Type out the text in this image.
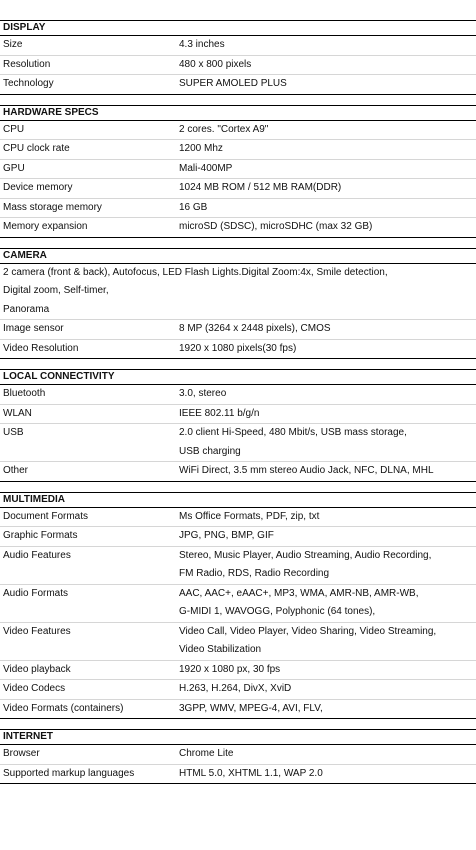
DISPLAY
Size	4.3 inches
Resolution	480 x 800 pixels
Technology	SUPER AMOLED PLUS
HARDWARE SPECS
CPU	2 cores. "Cortex A9"
CPU clock rate	1200 Mhz
GPU	Mali-400MP
Device memory	1024 MB ROM / 512 MB RAM(DDR)
Mass storage memory	16 GB
Memory expansion	microSD (SDSC), microSDHC (max 32 GB)
CAMERA
2 camera (front & back), Autofocus, LED Flash Lights.Digital Zoom:4x, Smile detection,
Digital zoom, Self-timer,
Panorama
Image sensor	8 MP (3264 x 2448 pixels), CMOS
Video Resolution	1920 x 1080 pixels(30 fps)
LOCAL CONNECTIVITY
Bluetooth	3.0, stereo
WLAN	IEEE 802.11 b/g/n
USB	2.0 client Hi-Speed, 480 Mbit/s, USB mass storage,
USB charging
Other	WiFi Direct, 3.5 mm stereo Audio Jack, NFC, DLNA, MHL
MULTIMEDIA
Document Formats	Ms Office Formats, PDF, zip, txt
Graphic Formats	JPG, PNG, BMP, GIF
Audio Features	Stereo, Music Player, Audio Streaming, Audio Recording,
FM Radio, RDS, Radio Recording
Audio Formats	AAC, AAC+, eAAC+, MP3, WMA, AMR-NB, AMR-WB,
G-MIDI 1, WAVOGG, Polyphonic (64 tones),
Video Features	Video Call, Video Player, Video Sharing, Video Streaming,
Video Stabilization
Video playback	1920 x 1080 px, 30 fps
Video Codecs	H.263, H.264, DivX, XviD
Video Formats (containers)	3GPP, WMV, MPEG-4, AVI, FLV,
INTERNET
Browser	Chrome Lite
Supported markup languages	HTML 5.0, XHTML 1.1, WAP 2.0
